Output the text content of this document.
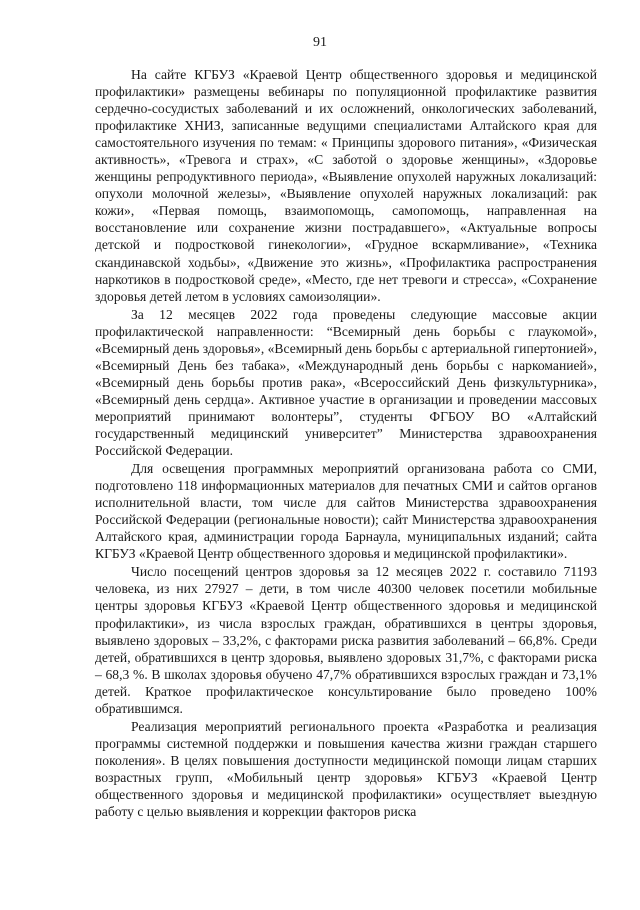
91

На сайте КГБУЗ «Краевой Центр общественного здоровья и медицинской профилактики» размещены вебинары по популяционной профилактике развития сердечно-сосудистых заболеваний и их осложнений, онкологических заболеваний, профилактике ХНИЗ, записанные ведущими специалистами Алтайского края для самостоятельного изучения по темам: « Принципы здорового питания», «Физическая активность», «Тревога и страх», «С заботой о здоровье женщины», «Здоровье женщины репродуктивного периода», «Выявление опухолей наружных локализаций: опухоли молочной железы», «Выявление опухолей наружных локализаций: рак кожи», «Первая помощь, взаимопомощь, самопомощь, направленная на восстановление или сохранение жизни пострадавшего», «Актуальные вопросы детской и подростковой гинекологии», «Грудное вскармливание», «Техника скандинавской ходьбы», «Движение это жизнь», «Профилактика распространения наркотиков в подростковой среде», «Место, где нет тревоги и стресса», «Сохранение здоровья детей летом в условиях самоизоляции».

За 12 месяцев 2022 года проведены следующие массовые акции профилактической направленности: “Всемирный день борьбы с глаукомой», «Всемирный день здоровья», «Всемирный день борьбы с артериальной гипертонией», «Всемирный День без табака», «Международный день борьбы с наркоманией», «Всемирный день борьбы против рака», «Всероссийский День физкультурника», «Всемирный день сердца». Активное участие в организации и проведении массовых мероприятий принимают волонтеры”, студенты ФГБОУ ВО «Алтайский государственный медицинский университет” Министерства здравоохранения Российской Федерации.

Для освещения программных мероприятий организована работа со СМИ, подготовлено 118 информационных материалов для печатных СМИ и сайтов органов исполнительной власти, том числе для сайтов Министерства здравоохранения Российской Федерации (региональные новости); сайт Министерства здравоохранения Алтайского края, администрации города Барнаула, муниципальных изданий; сайта КГБУЗ «Краевой Центр общественного здоровья и медицинской профилактики».

Число посещений центров здоровья за 12 месяцев 2022 г. составило 71193 человека, из них 27927 – дети, в том числе 40300 человек посетили мобильные центры здоровья КГБУЗ «Краевой Центр общественного здоровья и медицинской профилактики», из числа взрослых граждан, обратившихся в центры здоровья, выявлено здоровых – 33,2%, с факторами риска развития заболеваний – 66,8%. Среди детей, обратившихся в центр здоровья, выявлено здоровых 31,7%, с факторами риска – 68,3 %. В школах здоровья обучено 47,7% обратившихся взрослых граждан и 73,1% детей. Краткое профилактическое консультирование было проведено 100% обратившимся.

Реализация мероприятий регионального проекта «Разработка и реализация программы системной поддержки и повышения качества жизни граждан старшего поколения». В целях повышения доступности медицинской помощи лицам старших возрастных групп, «Мобильный центр здоровья» КГБУЗ «Краевой Центр общественного здоровья и медицинской профилактики» осуществляет выездную работу с целью выявления и коррекции факторов риска
